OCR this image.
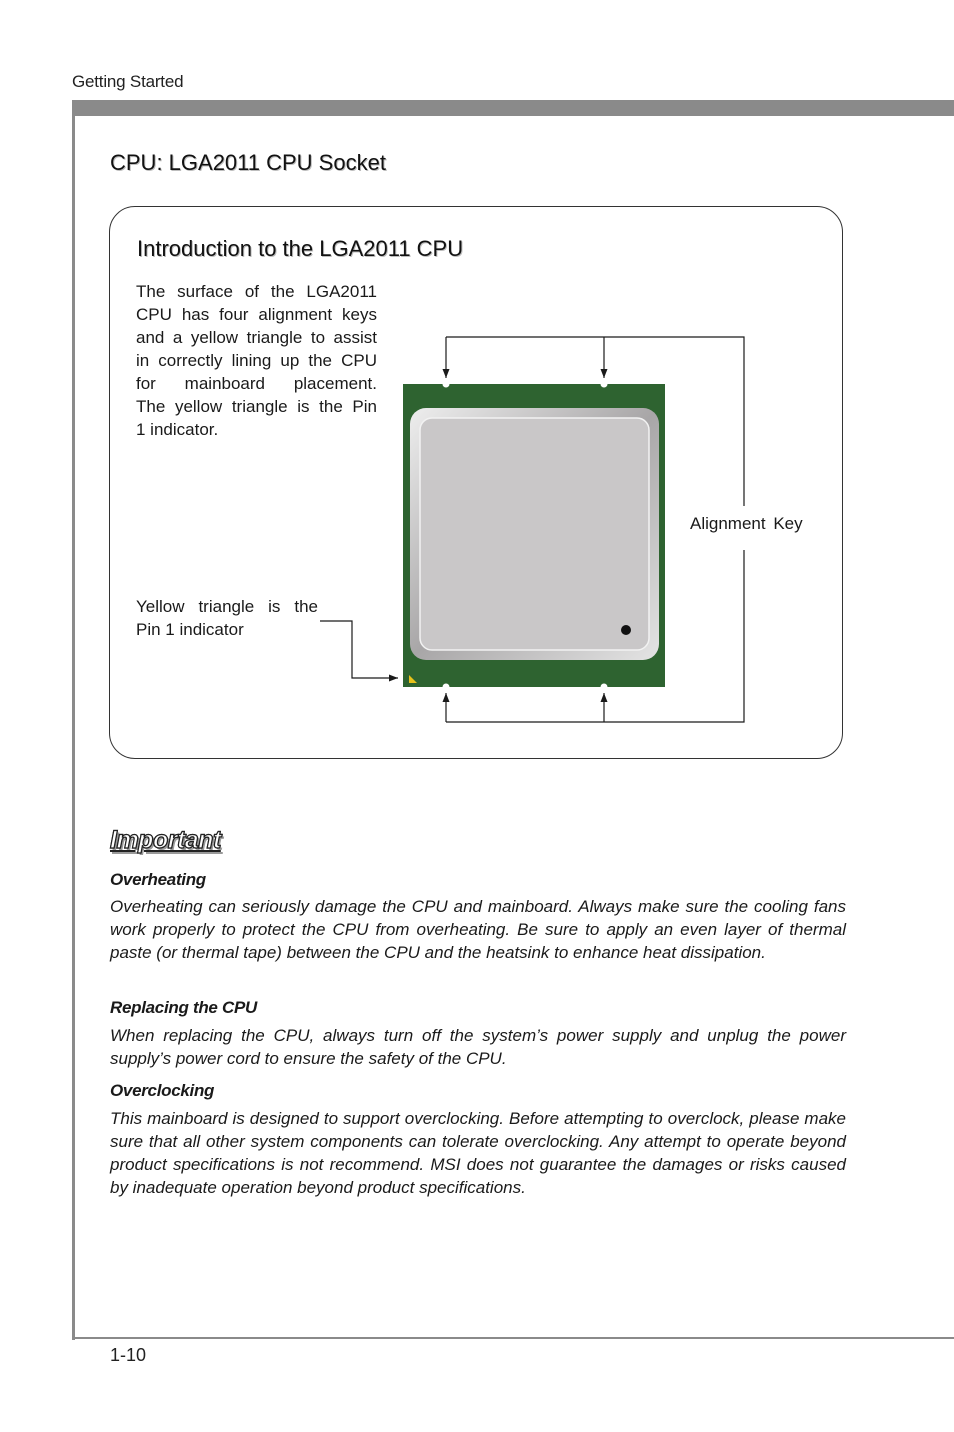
Getting Started
CPU: LGA2011 CPU Socket
Introduction to the LGA2011 CPU
The surface of the LGA2011
CPU has four alignment keys
and a yellow triangle to assist
in correctly lining up the CPU
for mainboard placement.
The yellow triangle is the Pin
1 indicator.
Alignment Key
Yellow triangle is the
Pin 1 indicator
Important
Overheating
Overheating can seriously damage the CPU and mainboard. Always make sure the cooling fans work properly to protect the CPU from overheating. Be sure to apply an even layer of thermal paste (or thermal tape) between the CPU and the heatsink to enhance heat dissipation.
Replacing the CPU
When replacing the CPU, always turn off the system’s power supply and unplug the power supply’s power cord to ensure the safety of the CPU.
Overclocking
This mainboard is designed to support overclocking. Before attempting to overclock, please make sure that all other system components can tolerate overclocking. Any attempt to operate beyond product specifications is not recommend. MSI does not guarantee the damages or risks caused by inadequate operation beyond product specifications.
1-10
